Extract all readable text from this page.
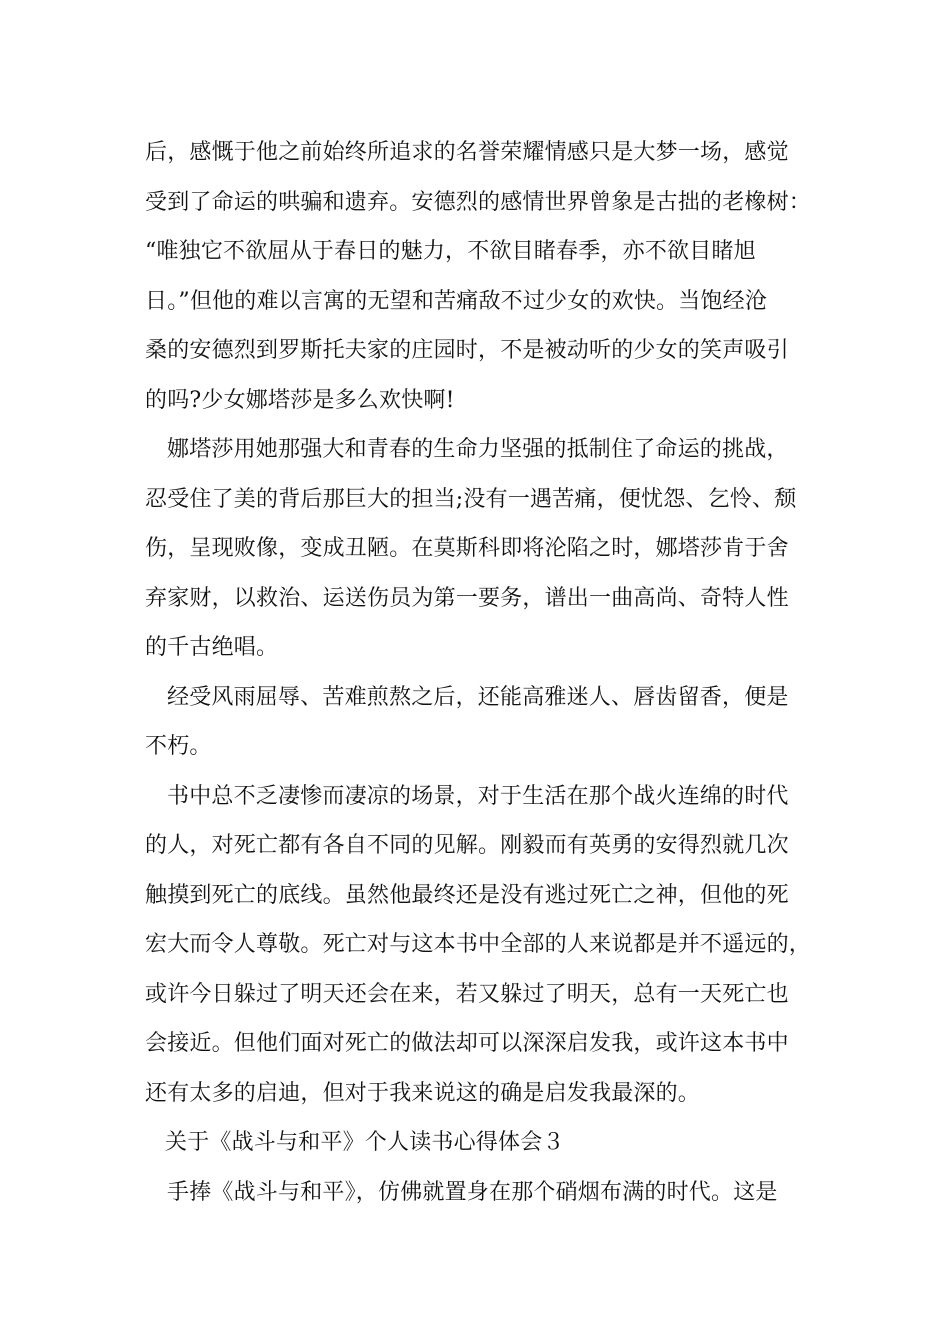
后，感慨于他之前始终所追求的名誉荣耀情感只是大梦一场，感觉
受到了命运的哄骗和遗弃。安德烈的感情世界曾象是古拙的老橡树：
“唯独它不欲屈从于春日的魅力，不欲目睹春季，亦不欲目睹旭
日。”但他的难以言寓的无望和苦痛敌不过少女的欢快。当饱经沧
桑的安德烈到罗斯托夫家的庄园时，不是被动听的少女的笑声吸引
的吗?少女娜塔莎是多么欢快啊!
娜塔莎用她那强大和青春的生命力坚强的抵制住了命运的挑战，
忍受住了美的背后那巨大的担当;没有一遇苦痛，便忧怨、乞怜、颓
伤，呈现败像，变成丑陋。在莫斯科即将沦陷之时，娜塔莎肯于舍
弃家财，以救治、运送伤员为第一要务，谱出一曲高尚、奇特人性
的千古绝唱。
经受风雨屈辱、苦难煎熬之后，还能高雅迷人、唇齿留香，便是
不朽。
书中总不乏凄惨而凄凉的场景，对于生活在那个战火连绵的时代
的人，对死亡都有各自不同的见解。刚毅而有英勇的安得烈就几次
触摸到死亡的底线。虽然他最终还是没有逃过死亡之神，但他的死
宏大而令人尊敬。死亡对与这本书中全部的人来说都是并不遥远的，
或许今日躲过了明天还会在来，若又躲过了明天，总有一天死亡也
会接近。但他们面对死亡的做法却可以深深启发我，或许这本书中
还有太多的启迪，但对于我来说这的确是启发我最深的。
关于《战斗与和平》个人读书心得体会３
手捧《战斗与和平》，仿佛就置身在那个硝烟布满的时代。这是
